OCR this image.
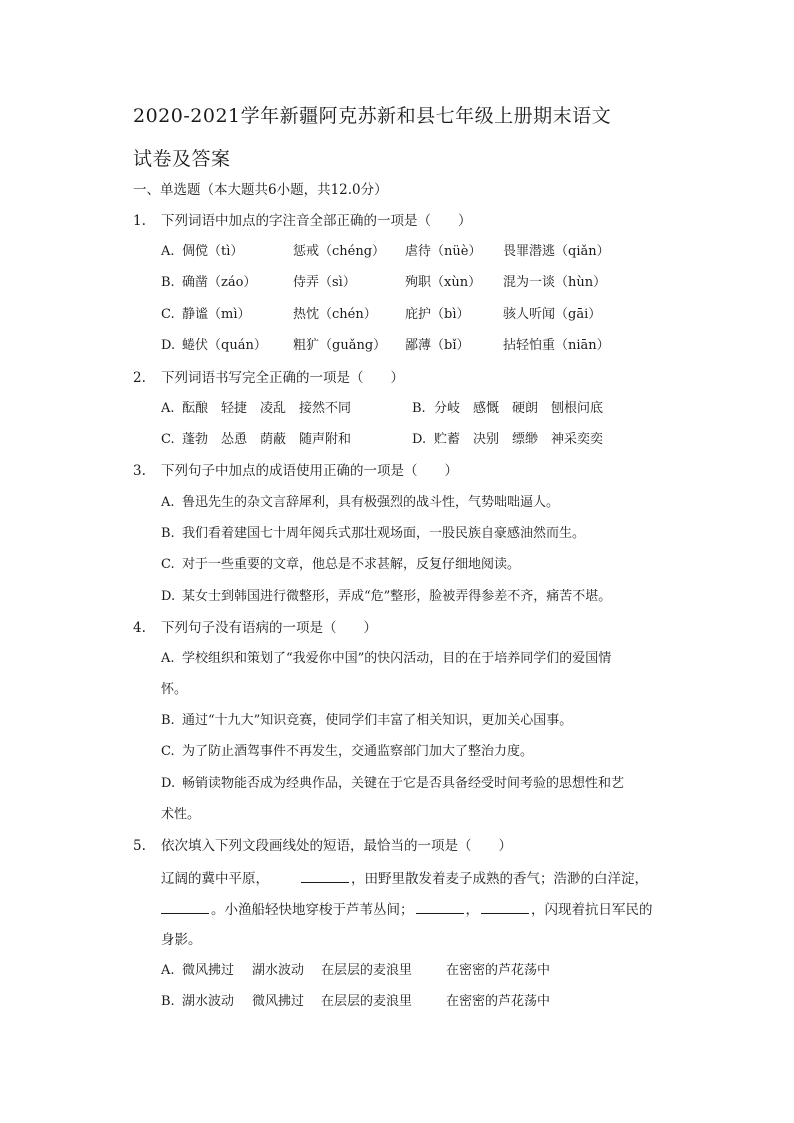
2020-2021学年新疆阿克苏新和县七年级上册期末语文
试卷及答案
一、单选题（本大题共6小题，共12.0分）
1. 下列词语中加点的字注音全部正确的一项是（　　）
A. 倜傥（tì）	惩戒（chéng） 虐待（nüè） 畏罪潜逃（qiǎn）
B. 确凿（záo）	侍弄（sì）	殉职（xùn） 混为一谈（hùn）
C. 静谧（mì）	热忱（chén） 庇护（bì）	骇人听闻（gāi）
D. 蜷伏（quán） 粗犷（guǎng） 鄙薄（bǐ）	拈轻怕重（niān）
2. 下列词语书写完全正确的一项是（　　）
A. 酝酿　轻捷　凌乱　接然不同	B. 分岐　感慨　硬朗　刨根问底
C. 蓬勃　怂恿　荫蔽　随声附和	D. 贮蓄　决别　缥缈　神采奕奕
3. 下列句子中加点的成语使用正确的一项是（　　）
A. 鲁迅先生的杂文言辞犀利，具有极强烈的战斗性，气势咄咄逼人。
B. 我们看着建国七十周年阅兵式那壮观场面，一股民族自豪感油然而生。
C. 对于一些重要的文章，他总是不求甚解，反复仔细地阅读。
D. 某女士到韩国进行微整形，弄成“危”整形，脸被弄得参差不齐，痛苦不堪。
4. 下列句子没有语病的一项是（　　）
A. 学校组织和策划了“我爱你中国”的快闪活动，目的在于培养同学们的爱国情
怀。
B. 通过“十九大”知识竞赛，使同学们丰富了相关知识，更加关心国事。
C. 为了防止酒驾事件不再发生，交通监察部门加大了整治力度。
D. 畅销读物能否成为经典作品，关键在于它是否具备经受时间考验的思想性和艺
术性。
5. 依次填入下列文段画线处的短语，最恰当的一项是（　　）
辽阔的冀中平原，	，田野里散发着麦子成熟的香气；浩渺的白洋淀，
。小渔船轻快地穿梭于芦苇丛间；	，	，闪现着抗日军民的
身影。
A. 微风拂过 湖水波动 在层层的麦浪里	在密密的芦花荡中
B. 湖水波动 微风拂过 在层层的麦浪里	在密密的芦花荡中
